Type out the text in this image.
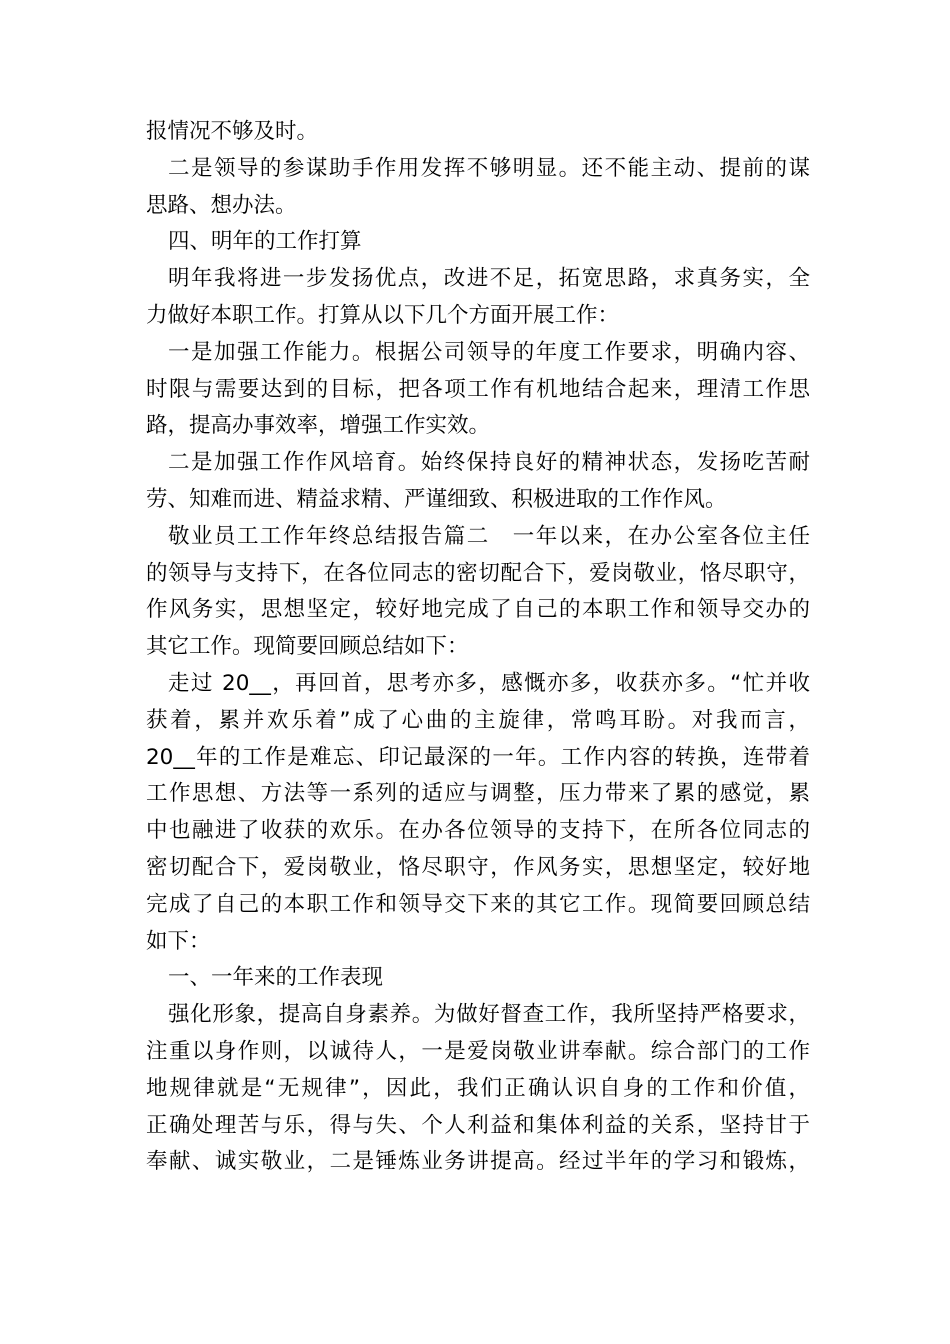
报情况不够及时。
二是领导的参谋助手作用发挥不够明显。还不能主动、提前的谋
思路、想办法。
四、明年的工作打算
明年我将进一步发扬优点，改进不足，拓宽思路，求真务实，全
力做好本职工作。打算从以下几个方面开展工作：
一是加强工作能力。根据公司领导的年度工作要求，明确内容、
时限与需要达到的目标，把各项工作有机地结合起来，理清工作思
路，提高办事效率，增强工作实效。
二是加强工作作风培育。始终保持良好的精神状态，发扬吃苦耐
劳、知难而进、精益求精、严谨细致、积极进取的工作作风。
敬业员工工作年终总结报告篇二　一年以来，在办公室各位主任
的领导与支持下，在各位同志的密切配合下，爱岗敬业，恪尽职守，
作风务实，思想坚定，较好地完成了自己的本职工作和领导交办的
其它工作。现简要回顾总结如下：
走过 20__，再回首，思考亦多，感慨亦多，收获亦多。“忙并收
获着，累并欢乐着”成了心曲的主旋律，常鸣耳盼。对我而言，
20__年的工作是难忘、印记最深的一年。工作内容的转换，连带着
工作思想、方法等一系列的适应与调整，压力带来了累的感觉，累
中也融进了收获的欢乐。在办各位领导的支持下，在所各位同志的
密切配合下，爱岗敬业，恪尽职守，作风务实，思想坚定，较好地
完成了自己的本职工作和领导交下来的其它工作。现简要回顾总结
如下：
一、一年来的工作表现
强化形象，提高自身素养。为做好督查工作，我所坚持严格要求，
注重以身作则，以诚待人，一是爱岗敬业讲奉献。综合部门的工作
地规律就是“无规律”，因此，我们正确认识自身的工作和价值，
正确处理苦与乐，得与失、个人利益和集体利益的关系，坚持甘于
奉献、诚实敬业，二是锤炼业务讲提高。经过半年的学习和锻炼，
